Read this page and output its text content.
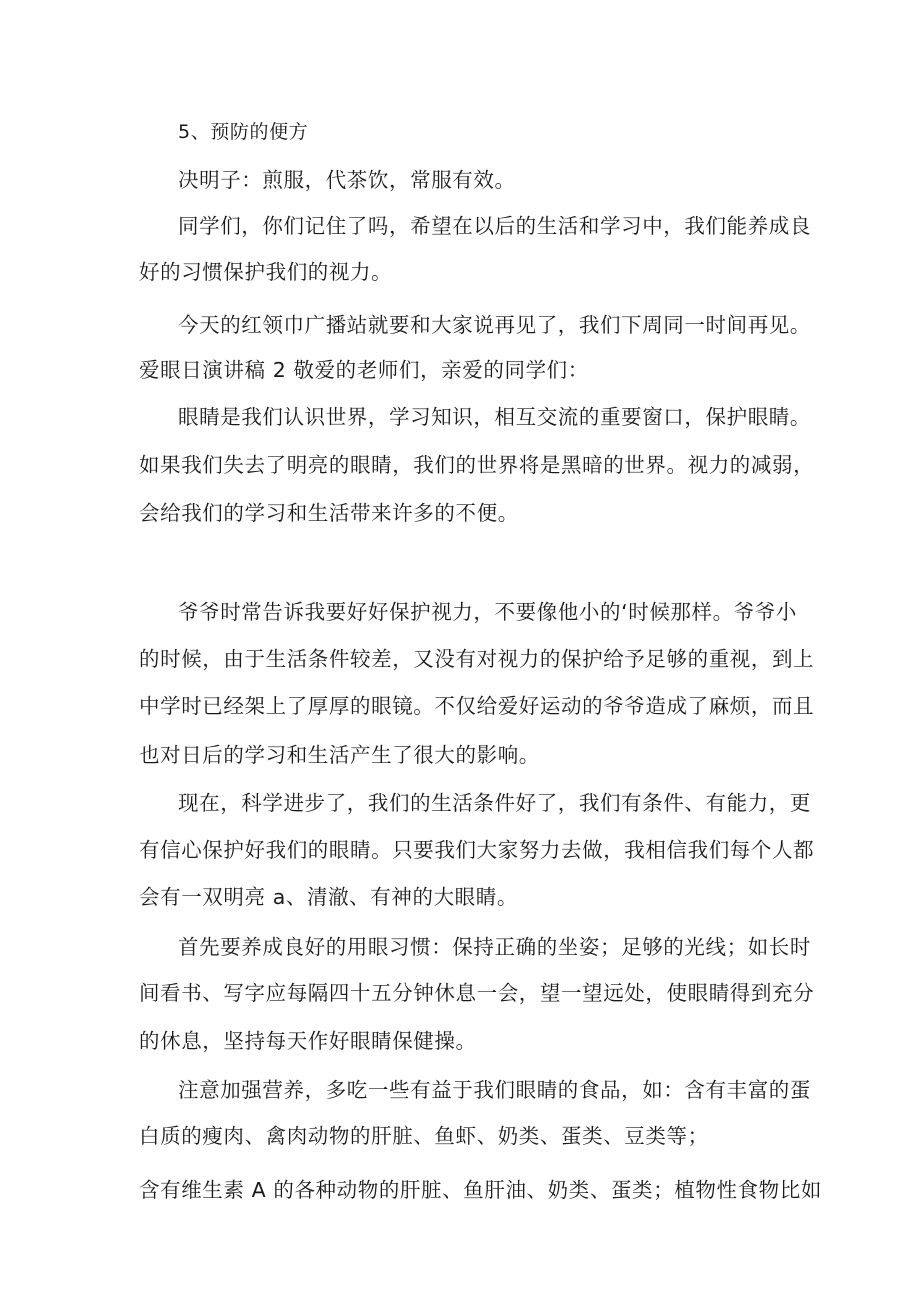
5、预防的便方
决明子：煎服，代茶饮，常服有效。
同学们，你们记住了吗，希望在以后的生活和学习中，我们能养成良
好的习惯保护我们的视力。
今天的红领巾广播站就要和大家说再见了，我们下周同一时间再见。
爱眼日演讲稿 2 敬爱的老师们，亲爱的同学们：
眼睛是我们认识世界，学习知识，相互交流的重要窗口，保护眼睛。
如果我们失去了明亮的眼睛，我们的世界将是黑暗的世界。视力的减弱，
会给我们的学习和生活带来许多的不便。
爷爷时常告诉我要好好保护视力，不要像他小的‘时候那样。爷爷小
的时候，由于生活条件较差，又没有对视力的保护给予足够的重视，到上
中学时已经架上了厚厚的眼镜。不仅给爱好运动的爷爷造成了麻烦，而且
也对日后的学习和生活产生了很大的影响。
现在，科学进步了，我们的生活条件好了，我们有条件、有能力，更
有信心保护好我们的眼睛。只要我们大家努力去做，我相信我们每个人都
会有一双明亮 a、清澈、有神的大眼睛。
首先要养成良好的用眼习惯：保持正确的坐姿；足够的光线；如长时
间看书、写字应每隔四十五分钟休息一会，望一望远处，使眼睛得到充分
的休息，坚持每天作好眼睛保健操。
注意加强营养，多吃一些有益于我们眼睛的食品，如：含有丰富的蛋
白质的瘦肉、禽肉动物的肝脏、鱼虾、奶类、蛋类、豆类等；
含有维生素 A 的各种动物的肝脏、鱼肝油、奶类、蛋类；植物性食物比如
